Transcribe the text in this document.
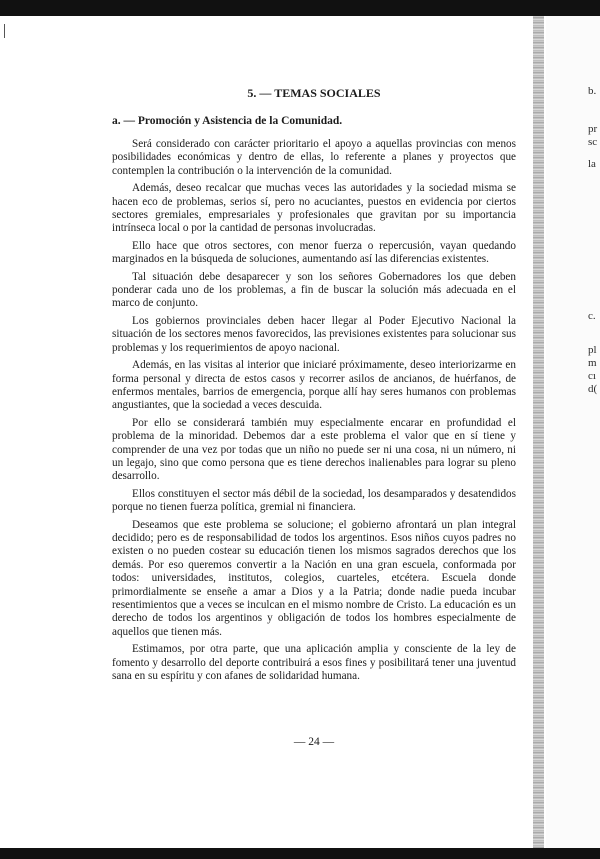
b.
pr
sc
la
c.
pl
m
cı
d(
5. — TEMAS SOCIALES
a. — Promoción y Asistencia de la Comunidad.

Será considerado con carácter prioritario el apoyo a aquellas provincias con menos posibilidades económicas y dentro de ellas, lo referente a planes y proyectos que contemplen la contribución o la intervención de la comunidad.

Además, deseo recalcar que muchas veces las autoridades y la sociedad misma se hacen eco de problemas, serios sí, pero no acuciantes, puestos en evidencia por ciertos sectores gremiales, empresariales y profesionales que gravitan por su importancia intrínseca local o por la cantidad de personas involucradas.

Ello hace que otros sectores, con menor fuerza o repercusión, vayan quedando marginados en la búsqueda de soluciones, aumentando así las diferencias existentes.

Tal situación debe desaparecer y son los señores Gobernadores los que deben ponderar cada uno de los problemas, a fin de buscar la solución más adecuada en el marco de conjunto.

Los gobiernos provinciales deben hacer llegar al Poder Ejecutivo Nacional la situación de los sectores menos favorecidos, las previsiones existentes para solucionar sus problemas y los requerimientos de apoyo nacional.

Además, en las visitas al interior que iniciaré próximamente, deseo interiorizarme en forma personal y directa de estos casos y recorrer asilos de ancianos, de huérfanos, de enfermos mentales, barrios de emergencia, porque allí hay seres humanos con problemas angustiantes, que la sociedad a veces descuida.

Por ello se considerará también muy especialmente encarar en profundidad el problema de la minoridad. Debemos dar a este problema el valor que en sí tiene y comprender de una vez por todas que un niño no puede ser ni una cosa, ni un número, ni un legajo, sino que como persona que es tiene derechos inalienables para lograr su pleno desarrollo.

Ellos constituyen el sector más débil de la sociedad, los desamparados y desatendidos porque no tienen fuerza política, gremial ni financiera.

Deseamos que este problema se solucione; el gobierno afrontará un plan integral decidido; pero es de responsabilidad de todos los argentinos. Esos niños cuyos padres no existen o no pueden costear su educación tienen los mismos sagrados derechos que los demás. Por eso queremos convertir a la Nación en una gran escuela, conformada por todos: universidades, institutos, colegios, cuarteles, etcétera. Escuela donde primordialmente se enseñe a amar a Dios y a la Patria; donde nadie pueda incubar resentimientos que a veces se inculcan en el mismo nombre de Cristo. La educación es un derecho de todos los argentinos y obligación de todos los hombres especialmente de aquellos que tienen más.

Estimamos, por otra parte, que una aplicación amplia y consciente de la ley de fomento y desarrollo del deporte contribuirá a esos fines y posibilitará tener una juventud sana en su espíritu y con afanes de solidaridad humana.

— 24 —
